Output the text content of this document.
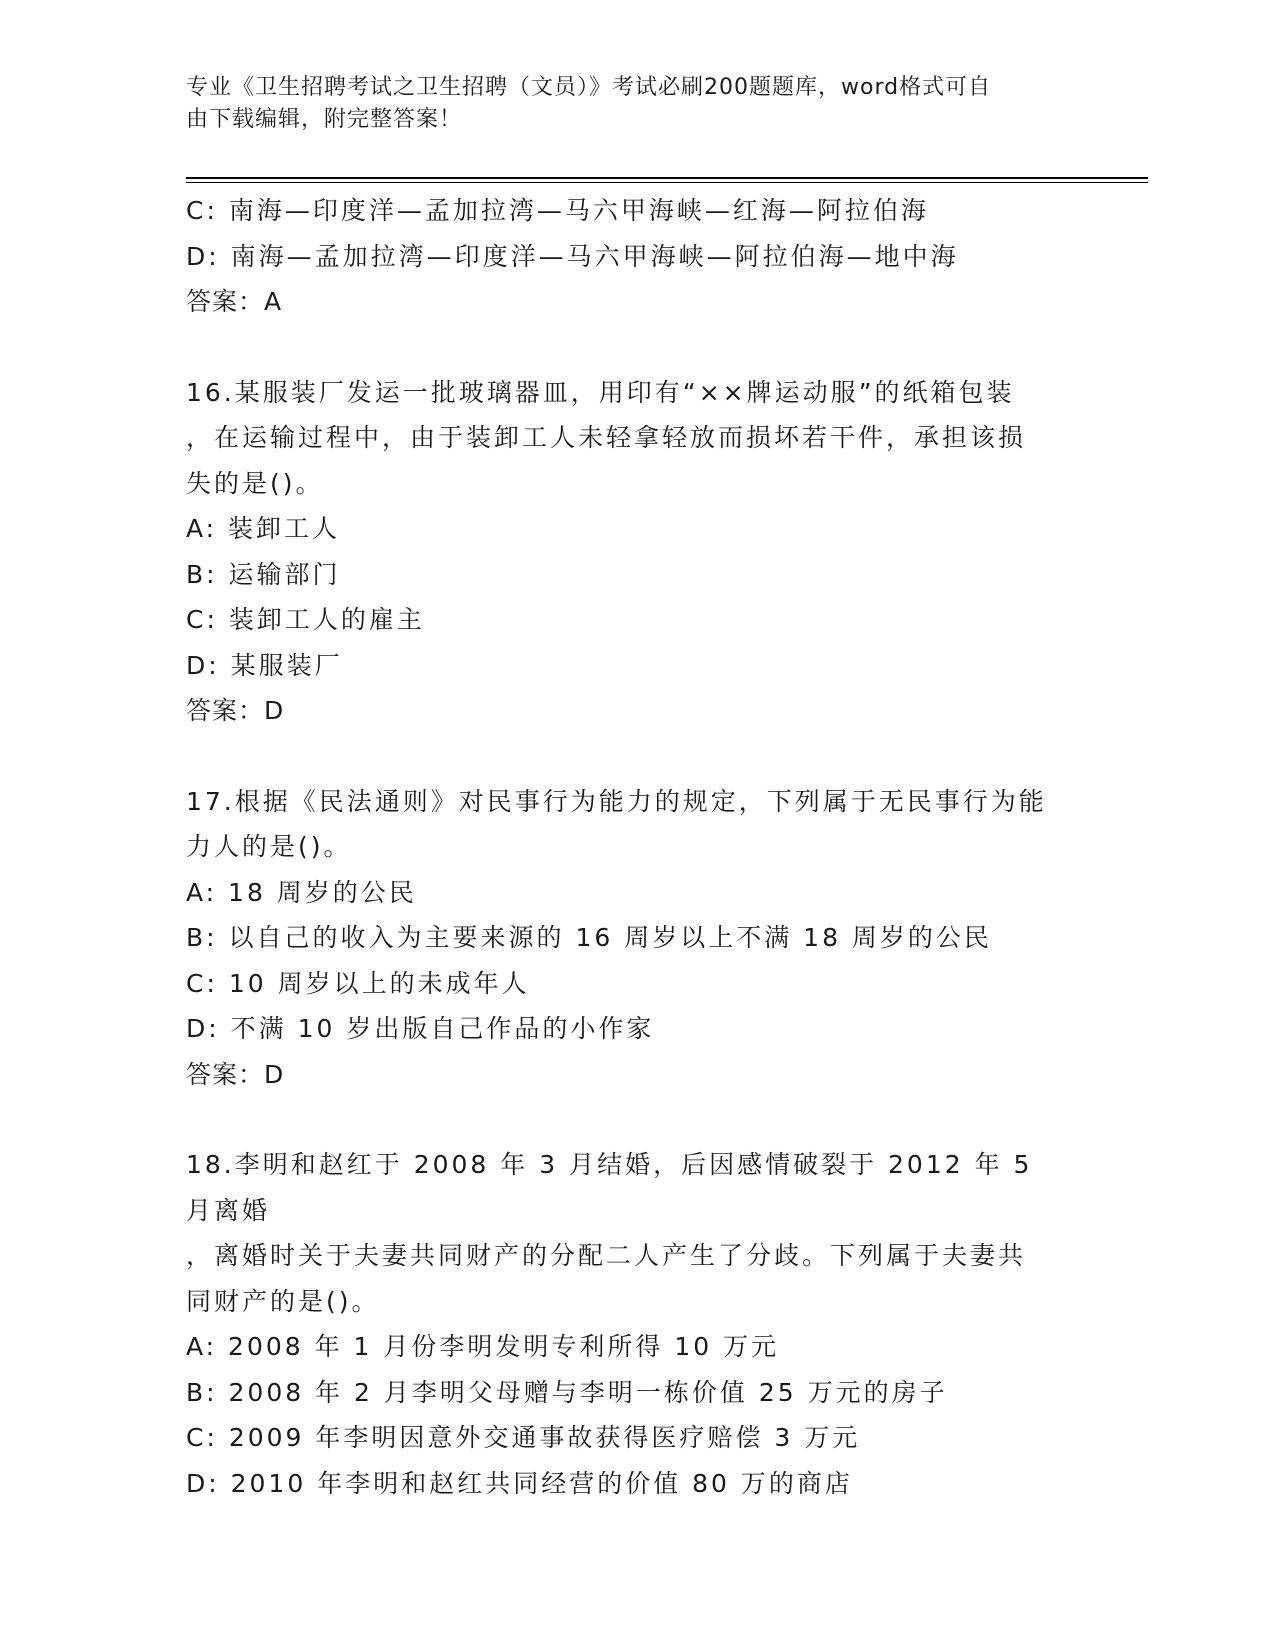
专业《卫生招聘考试之卫生招聘（文员）》考试必刷200题题库，word格式可自
由下载编辑，附完整答案！
C: 南海—印度洋—孟加拉湾—马六甲海峡—红海—阿拉伯海
D: 南海—孟加拉湾—印度洋—马六甲海峡—阿拉伯海—地中海
答案：A
16.某服装厂发运一批玻璃器皿，用印有“××牌运动服”的纸箱包装
，在运输过程中，由于装卸工人未轻拿轻放而损坏若干件，承担该损
失的是()。
A: 装卸工人
B: 运输部门
C: 装卸工人的雇主
D: 某服装厂
答案：D
17.根据《民法通则》对民事行为能力的规定，下列属于无民事行为能
力人的是()。
A: 18 周岁的公民
B: 以自己的收入为主要来源的 16 周岁以上不满 18 周岁的公民
C: 10 周岁以上的未成年人
D: 不满 10 岁出版自己作品的小作家
答案：D
18.李明和赵红于 2008 年 3 月结婚，后因感情破裂于 2012 年 5 月离婚
，离婚时关于夫妻共同财产的分配二人产生了分歧。下列属于夫妻共
同财产的是()。
A: 2008 年 1 月份李明发明专利所得 10 万元
B: 2008 年 2 月李明父母赠与李明一栋价值 25 万元的房子
C: 2009 年李明因意外交通事故获得医疗赔偿 3 万元
D: 2010 年李明和赵红共同经营的价值 80 万的商店
